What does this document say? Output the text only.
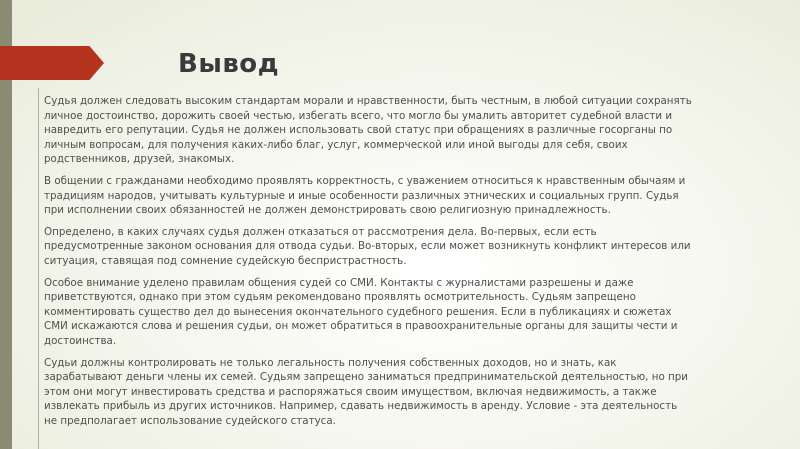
Вывод

Судья должен следовать высоким стандартам морали и нравственности, быть честным, в любой ситуации сохранять личное достоинство, дорожить своей честью, избегать всего, что могло бы умалить авторитет судебной власти и навредить его репутации. Судья не должен использовать свой статус при обращениях в различные госорганы по личным вопросам, для получения каких-либо благ, услуг, коммерческой или иной выгоды для себя, своих родственников, друзей, знакомых.

В общении с гражданами необходимо проявлять корректность, с уважением относиться к нравственным обычаям и традициям народов, учитывать культурные и иные особенности различных этнических и социальных групп. Судья при исполнении своих обязанностей не должен демонстрировать свою религиозную принадлежность.

Определено, в каких случаях судья должен отказаться от рассмотрения дела. Во-первых, если есть предусмотренные законом основания для отвода судьи. Во-вторых, если может возникнуть конфликт интересов или ситуация, ставящая под сомнение судейскую беспристрастность.

Особое внимание уделено правилам общения судей со СМИ. Контакты с журналистами разрешены и даже приветствуются, однако при этом судьям рекомендовано проявлять осмотрительность. Судьям запрещено комментировать существо дел до вынесения окончательного судебного решения. Если в публикациях и сюжетах СМИ искажаются слова и решения судьи, он может обратиться в правоохранительные органы для защиты чести и достоинства.

Судьи должны контролировать не только легальность получения собственных доходов, но и знать, как зарабатывают деньги члены их семей. Судьям запрещено заниматься предпринимательской деятельностью, но при этом они могут инвестировать средства и распоряжаться своим имуществом, включая недвижимость, а также извлекать прибыль из других источников. Например, сдавать недвижимость в аренду. Условие - эта деятельность не предполагает использование судейского статуса.
